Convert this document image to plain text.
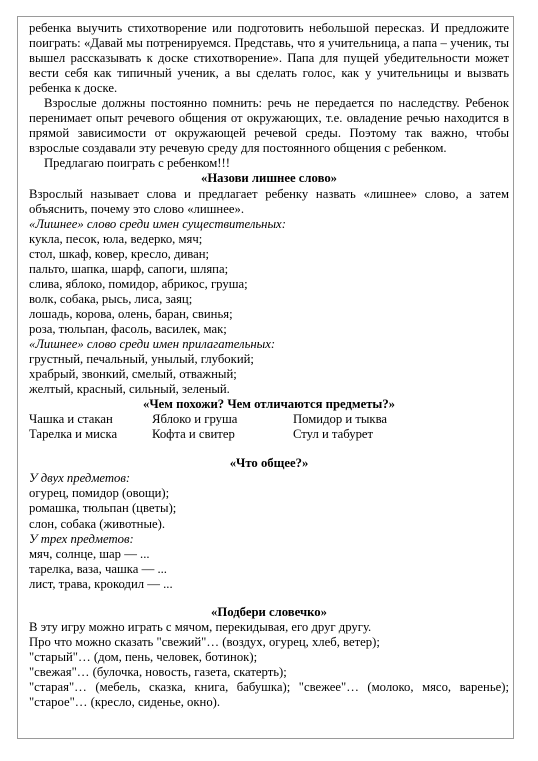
ребенка выучить стихотворение или подготовить небольшой пересказ. И предложите поиграть: «Давай мы потренируемся. Представь, что я учительница, а папа – ученик, ты вышел рассказывать к доске стихотворение». Папа для пущей убедительности может вести себя как типичный ученик, а вы сделать голос, как у учительницы и вызвать ребенка к доске.

Взрослые должны постоянно помнить: речь не передается по наследству. Ребенок перенимает опыт речевого общения от окружающих, т.е. овладение речью находится в прямой зависимости от окружающей речевой среды. Поэтому так важно, чтобы взрослые создавали эту речевую среду для постоянного общения с ребенком.

Предлагаю поиграть с ребенком!!!

«Назови лишнее слово»

Взрослый называет слова и предлагает ребенку назвать «лишнее» слово, а затем объяснить, почему это слово «лишнее».

«Лишнее» слово среди имен существительных:

кукла, песок, юла, ведерко, мяч;

стол, шкаф, ковер, кресло, диван;

пальто, шапка, шарф, сапоги, шляпа;

слива, яблоко, помидор, абрикос, груша;

волк, собака, рысь, лиса, заяц;

лошадь, корова, олень, баран, свинья;

роза, тюльпан, фасоль, василек, мак;

«Лишнее» слово среди имен прилагательных:

грустный, печальный, унылый, глубокий;

храбрый, звонкий, смелый, отважный;

желтый, красный, сильный, зеленый.

«Чем похожи? Чем отличаются предметы?»

Чашка и стакан	Яблоко и груша	Помидор и тыква
Тарелка и миска	Кофта и свитер	Стул и табурет

«Что общее?»

У двух предметов:

огурец, помидор (овощи);

ромашка, тюльпан (цветы);

слон, собака (животные).

У трех предметов:

мяч, солнце, шар — ...

тарелка, ваза, чашка — ...

лист, трава, крокодил — ...

«Подбери словечко»

В эту игру можно играть с мячом, перекидывая, его друг другу.

Про что можно сказать "свежий"… (воздух, огурец, хлеб, ветер);

"старый"… (дом, пень, человек, ботинок);

"свежая"… (булочка, новость, газета, скатерть);

"старая"… (мебель, сказка, книга, бабушка); "свежее"… (молоко, мясо, варенье); "старое"… (кресло, сиденье, окно).
